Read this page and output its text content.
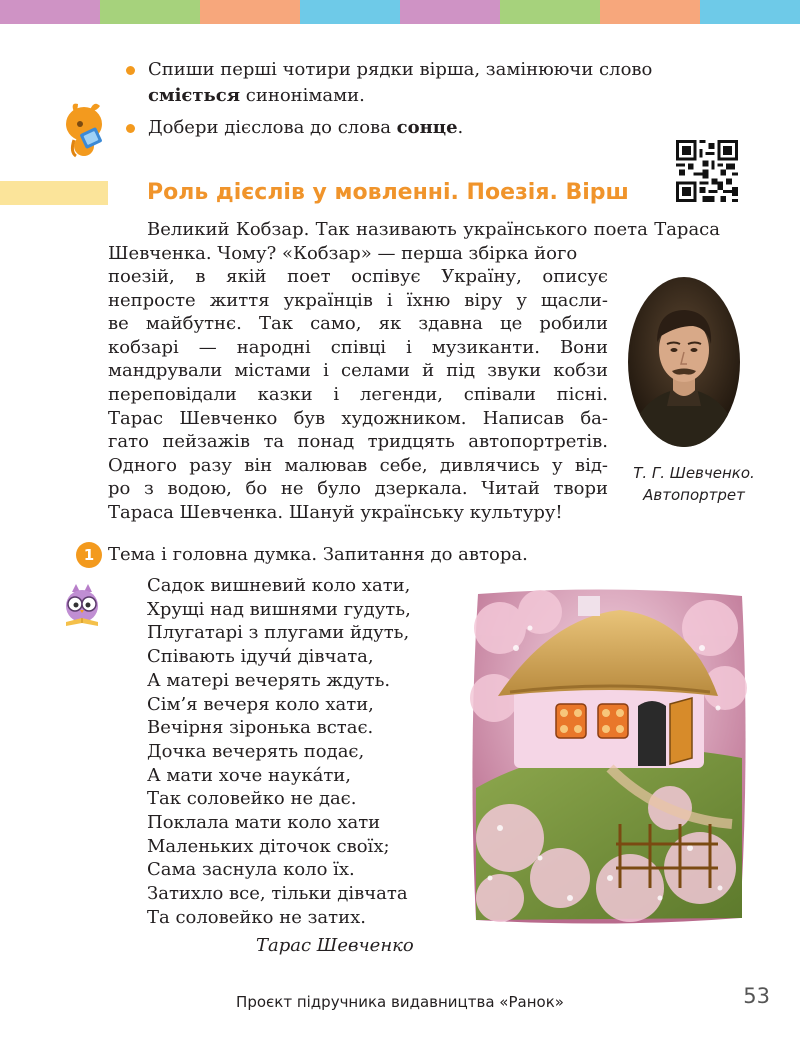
Спиши перші чотири рядки вірша, замінюючи слово сміється синонімами.
Добери дієслова до слова сонце.
Роль дієслів у мовленні. Поезія. Вірш
Великий Кобзар. Так називають українського поета Тараса Шевченка. Чому? «Кобзар» — перша збірка його
поезій, в якій поет оспівує Україну, описує
непросте життя українців і їхню віру у щасли-
ве майбутнє. Так само, як здавна це робили
кобзарі — народні співці і музиканти. Вони
мандрували містами і селами й під звуки кобзи
переповідали казки і легенди, співали пісні.
Тарас Шевченко був художником. Написав ба-
гато пейзажів та понад тридцять автопортретів.
Одного разу він малював себе, дивлячись у від-
ро з водою, бо не було дзеркала. Читай твори
Тараса Шевченка. Шануй українську культуру!
Т. Г. Шевченко.
Автопортрет
1 Тема і головна думка. Запитання до автора.
Садок вишневий коло хати,
Хрущі над вишнями гудуть,
Плугатарі з плугами йдуть,
Співають ідучи́ дівчата,
А матері вечерять ждуть.
Сім’я вечеря коло хати,
Вечірня зіронька встає.
Дочка вечерять подає,
А мати хоче наука́ти,
Так соловейко не дає.
Поклала мати коло хати
Маленьких діточок своїх;
Сама заснула коло їх.
Затихло все, тільки дівчата
Та соловейко не затих.
Тарас Шевченко
Проєкт підручника видавництва «Ранок»	53
